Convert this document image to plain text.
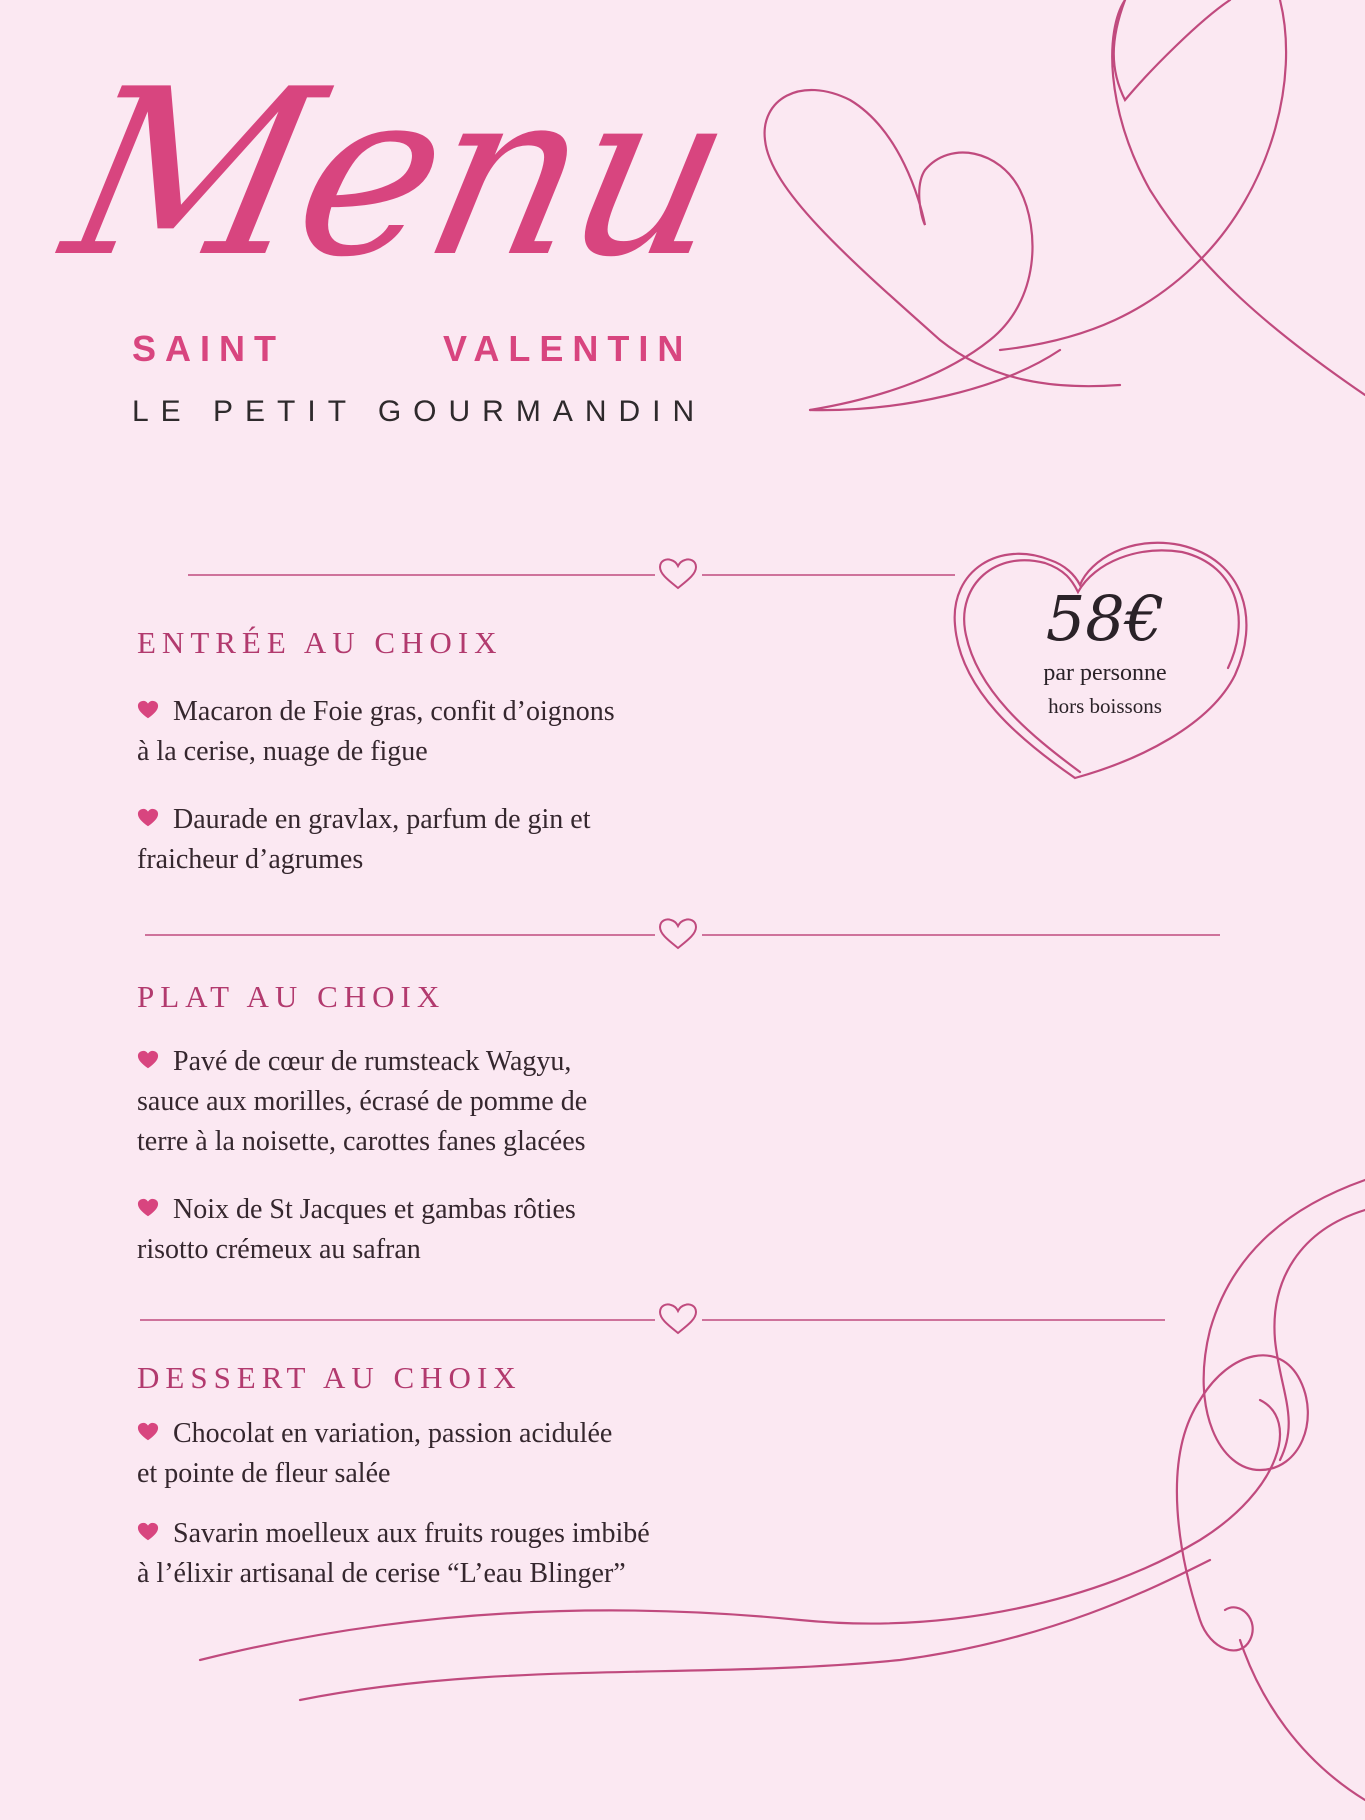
Menu
SAINT	VALENTIN
LE PETIT GOURMANDIN
58€
par personne
hors boissons
ENTRÉE AU CHOIX
Macaron de Foie gras, confit d’oignons
à la cerise, nuage de figue
Daurade en gravlax, parfum de gin et
fraicheur d’agrumes
PLAT AU CHOIX
Pavé de cœur de rumsteack Wagyu,
sauce aux morilles, écrasé de pomme de
terre à la noisette, carottes fanes glacées
Noix de St Jacques et gambas rôties
risotto crémeux au safran
DESSERT AU CHOIX
Chocolat en variation, passion acidulée
et pointe de fleur salée
Savarin moelleux aux fruits rouges imbibé
à l’élixir artisanal de cerise “L’eau Blinger”
